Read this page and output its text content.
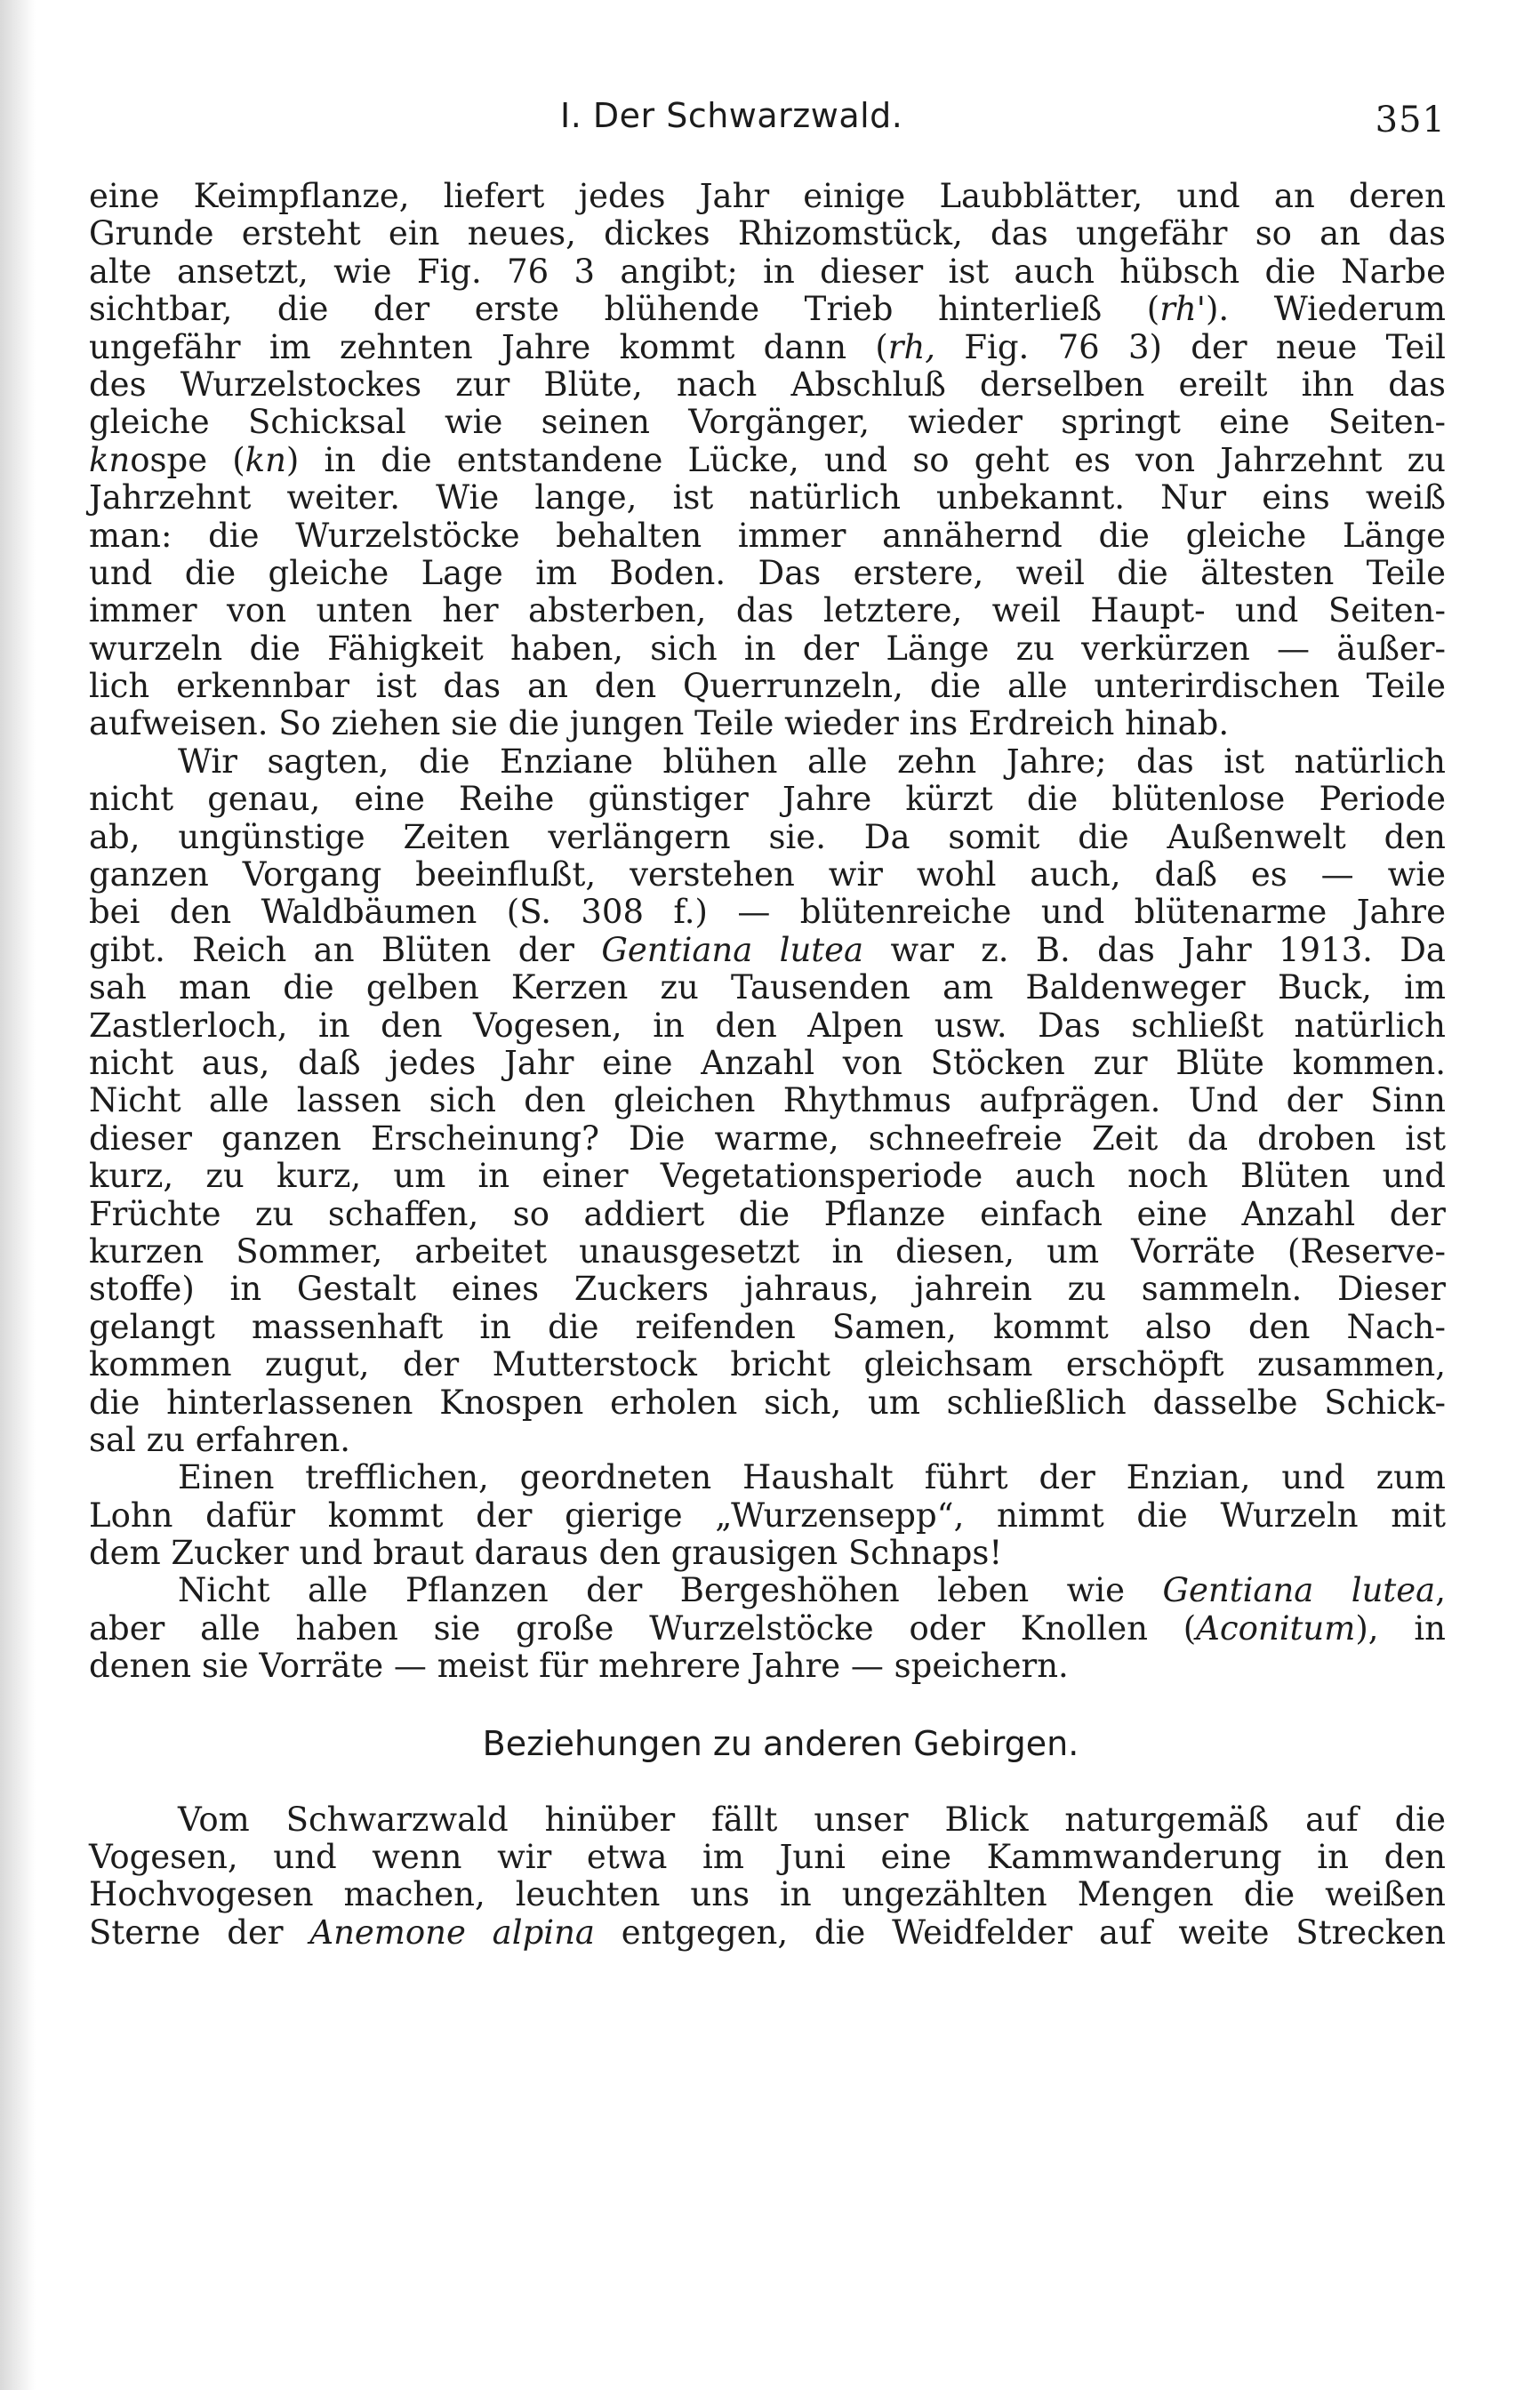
I. Der Schwarzwald.	351
eine Keimpflanze, liefert jedes Jahr einige Laubblätter, und an deren
Grunde ersteht ein neues, dickes Rhizomstück, das ungefähr so an das
alte ansetzt, wie Fig. 76 3 angibt; in dieser ist auch hübsch die Narbe
sichtbar, die der erste blühende Trieb hinterließ (rh'). Wiederum
ungefähr im zehnten Jahre kommt dann (rh, Fig. 76 3) der neue Teil
des Wurzelstockes zur Blüte, nach Abschluß derselben ereilt ihn das
gleiche Schicksal wie seinen Vorgänger, wieder springt eine Seiten-
knospe (kn) in die entstandene Lücke, und so geht es von Jahrzehnt zu
Jahrzehnt weiter. Wie lange, ist natürlich unbekannt. Nur eins weiß
man: die Wurzelstöcke behalten immer annähernd die gleiche Länge
und die gleiche Lage im Boden. Das erstere, weil die ältesten Teile
immer von unten her absterben, das letztere, weil Haupt- und Seiten-
wurzeln die Fähigkeit haben, sich in der Länge zu verkürzen — äußer-
lich erkennbar ist das an den Querrunzeln, die alle unterirdischen Teile
aufweisen. So ziehen sie die jungen Teile wieder ins Erdreich hinab.
Wir sagten, die Enziane blühen alle zehn Jahre; das ist natürlich
nicht genau, eine Reihe günstiger Jahre kürzt die blütenlose Periode
ab, ungünstige Zeiten verlängern sie. Da somit die Außenwelt den
ganzen Vorgang beeinflußt, verstehen wir wohl auch, daß es — wie
bei den Waldbäumen (S. 308 f.) — blütenreiche und blütenarme Jahre
gibt. Reich an Blüten der Gentiana lutea war z. B. das Jahr 1913. Da
sah man die gelben Kerzen zu Tausenden am Baldenweger Buck, im
Zastlerloch, in den Vogesen, in den Alpen usw. Das schließt natürlich
nicht aus, daß jedes Jahr eine Anzahl von Stöcken zur Blüte kommen.
Nicht alle lassen sich den gleichen Rhythmus aufprägen. Und der Sinn
dieser ganzen Erscheinung? Die warme, schneefreie Zeit da droben ist
kurz, zu kurz, um in einer Vegetationsperiode auch noch Blüten und
Früchte zu schaffen, so addiert die Pflanze einfach eine Anzahl der
kurzen Sommer, arbeitet unausgesetzt in diesen, um Vorräte (Reserve-
stoffe) in Gestalt eines Zuckers jahraus, jahrein zu sammeln. Dieser
gelangt massenhaft in die reifenden Samen, kommt also den Nach-
kommen zugut, der Mutterstock bricht gleichsam erschöpft zusammen,
die hinterlassenen Knospen erholen sich, um schließlich dasselbe Schick-
sal zu erfahren.
Einen trefflichen, geordneten Haushalt führt der Enzian, und zum
Lohn dafür kommt der gierige „Wurzensepp“, nimmt die Wurzeln mit
dem Zucker und braut daraus den grausigen Schnaps!
Nicht alle Pflanzen der Bergeshöhen leben wie Gentiana lutea,
aber alle haben sie große Wurzelstöcke oder Knollen (Aconitum), in
denen sie Vorräte — meist für mehrere Jahre — speichern.
Beziehungen zu anderen Gebirgen.
Vom Schwarzwald hinüber fällt unser Blick naturgemäß auf die
Vogesen, und wenn wir etwa im Juni eine Kammwanderung in den
Hochvogesen machen, leuchten uns in ungezählten Mengen die weißen
Sterne der Anemone alpina entgegen, die Weidfelder auf weite Strecken
